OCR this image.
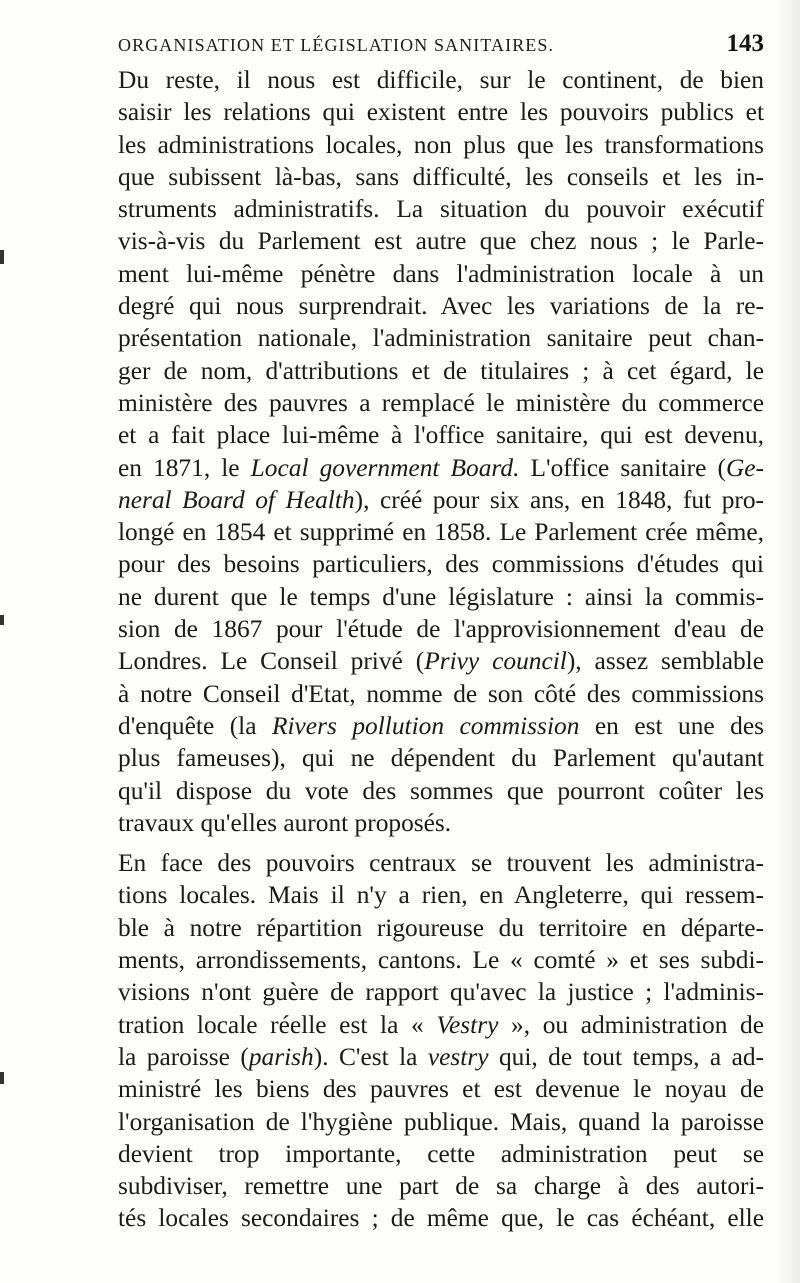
ORGANISATION ET LÉGISLATION SANITAIRES.	143
Du reste, il nous est difficile, sur le continent, de bien
saisir les relations qui existent entre les pouvoirs publics et
les administrations locales, non plus que les transformations
que subissent là-bas, sans difficulté, les conseils et les in-
struments administratifs. La situation du pouvoir exécutif
vis-à-vis du Parlement est autre que chez nous ; le Parle-
ment lui-même pénètre dans l'administration locale à un
degré qui nous surprendrait. Avec les variations de la re-
présentation nationale, l'administration sanitaire peut chan-
ger de nom, d'attributions et de titulaires ; à cet égard, le
ministère des pauvres a remplacé le ministère du commerce
et a fait place lui-même à l'office sanitaire, qui est devenu,
en 1871, le Local government Board. L'office sanitaire (Ge-
neral Board of Health), créé pour six ans, en 1848, fut pro-
longé en 1854 et supprimé en 1858. Le Parlement crée même,
pour des besoins particuliers, des commissions d'études qui
ne durent que le temps d'une législature : ainsi la commis-
sion de 1867 pour l'étude de l'approvisionnement d'eau de
Londres. Le Conseil privé (Privy council), assez semblable
à notre Conseil d'Etat, nomme de son côté des commissions
d'enquête (la Rivers pollution commission en est une des
plus fameuses), qui ne dépendent du Parlement qu'autant
qu'il dispose du vote des sommes que pourront coûter les
travaux qu'elles auront proposés.
En face des pouvoirs centraux se trouvent les administra-
tions locales. Mais il n'y a rien, en Angleterre, qui ressem-
ble à notre répartition rigoureuse du territoire en départe-
ments, arrondissements, cantons. Le « comté » et ses subdi-
visions n'ont guère de rapport qu'avec la justice ; l'adminis-
tration locale réelle est la « Vestry », ou administration de
la paroisse (parish). C'est la vestry qui, de tout temps, a ad-
ministré les biens des pauvres et est devenue le noyau de
l'organisation de l'hygiène publique. Mais, quand la paroisse
devient trop importante, cette administration peut se
subdiviser, remettre une part de sa charge à des autori-
tés locales secondaires ; de même que, le cas échéant, elle
